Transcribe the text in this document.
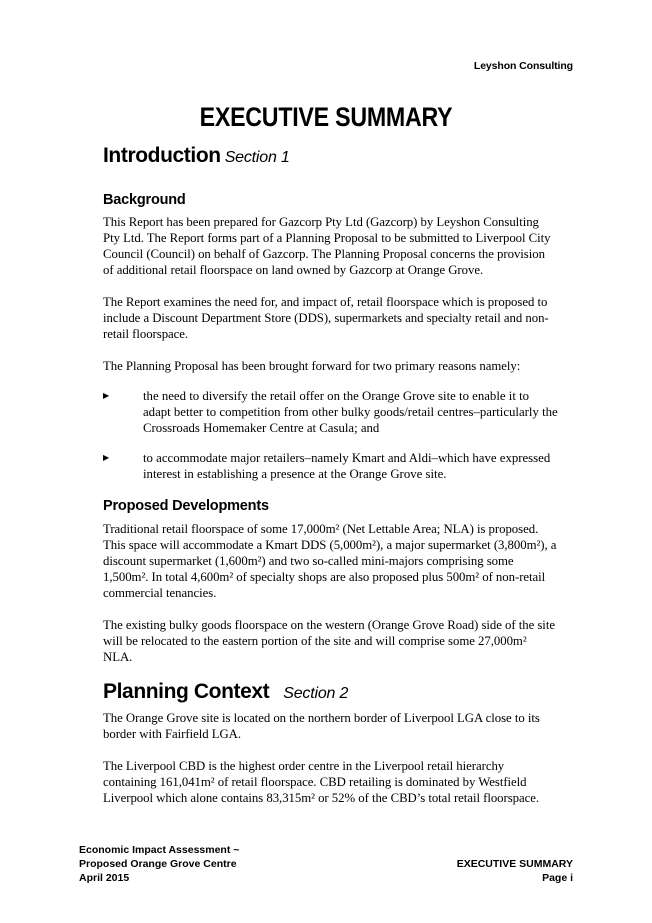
Leyshon Consulting
EXECUTIVE SUMMARY
Introduction Section 1
Background

This Report has been prepared for Gazcorp Pty Ltd (Gazcorp) by Leyshon Consulting Pty Ltd. The Report forms part of a Planning Proposal to be submitted to Liverpool City Council (Council) on behalf of Gazcorp. The Planning Proposal concerns the provision of additional retail floorspace on land owned by Gazcorp at Orange Grove.

The Report examines the need for, and impact of, retail floorspace which is proposed to include a Discount Department Store (DDS), supermarkets and specialty retail and non-retail floorspace.

The Planning Proposal has been brought forward for two primary reasons namely:

▶	the need to diversify the retail offer on the Orange Grove site to enable it to adapt better to competition from other bulky goods/retail centres–particularly the Crossroads Homemaker Centre at Casula; and
▶	to accommodate major retailers–namely Kmart and Aldi–which have expressed interest in establishing a presence at the Orange Grove site.
Proposed Developments

Traditional retail floorspace of some 17,000m² (Net Lettable Area; NLA) is proposed. This space will accommodate a Kmart DDS (5,000m²), a major supermarket (3,800m²), a discount supermarket (1,600m²) and two so-called mini-majors comprising some 1,500m². In total 4,600m² of specialty shops are also proposed plus 500m² of non-retail commercial tenancies.

The existing bulky goods floorspace on the western (Orange Grove Road) side of the site will be relocated to the eastern portion of the site and will comprise some 27,000m² NLA.

Planning Context Section 2

The Orange Grove site is located on the northern border of Liverpool LGA close to its border with Fairfield LGA.

The Liverpool CBD is the highest order centre in the Liverpool retail hierarchy containing 161,041m² of retail floorspace. CBD retailing is dominated by Westfield Liverpool which alone contains 83,315m² or 52% of the CBD’s total retail floorspace.

Economic Impact Assessment ~
Proposed Orange Grove Centre
April 2015
EXECUTIVE SUMMARY
Page i
